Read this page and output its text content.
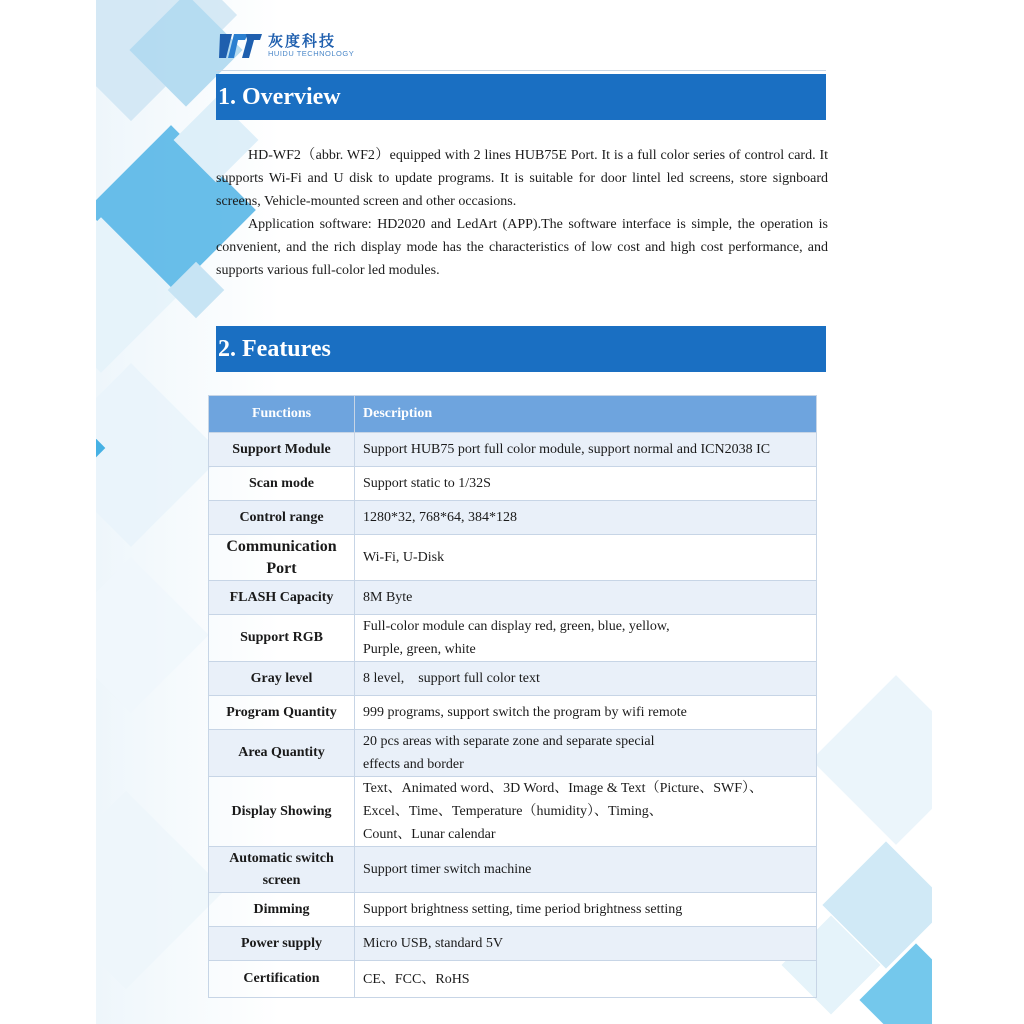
灰度科技
HUIDU TECHNOLOGY
1. Overview

HD-WF2（abbr. WF2）equipped with 2 lines HUB75E Port. It is a full color series of control card. It supports Wi-Fi and U disk to update programs. It is suitable for door lintel led screens, store signboard screens, Vehicle-mounted screen and other occasions.

Application software: HD2020 and LedArt (APP).The software interface is simple, the operation is convenient, and the rich display mode has the characteristics of low cost and high cost performance, and supports various full-color led modules.

2. Features
Functions	Description
Support Module	Support HUB75 port full color module, support normal and ICN2038 IC

Scan mode	Support static to 1/32S

Control range	1280*32, 768*64, 384*128

Communication Port	Wi-Fi, U-Disk

FLASH Capacity	8M Byte

Support RGB	Full-color module can display red, green, blue, yellow,
Purple, green, white

Gray level	8 level,    support full color text

Program Quantity	999 programs, support switch the program by wifi remote

Area Quantity	20 pcs areas with separate zone and separate special
effects and border

Display Showing	Text、Animated word、3D Word、Image & Text（Picture、SWF）、
Excel、Time、Temperature（humidity）、Timing、
Count、Lunar calendar

Automatic switch screen	Support timer switch machine

Dimming	Support brightness setting, time period brightness setting

Power supply	Micro USB, standard 5V

Certification	CE、FCC、RoHS
